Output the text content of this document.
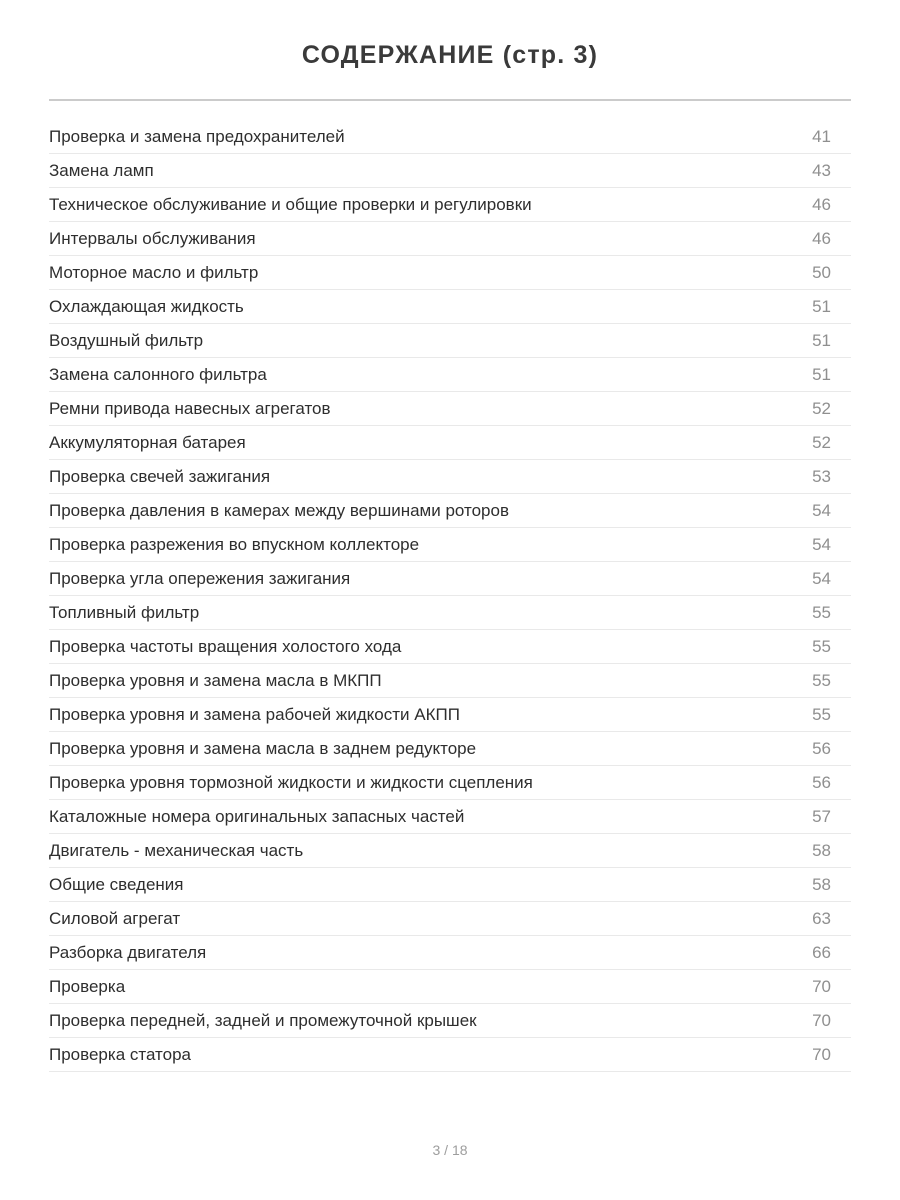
СОДЕРЖАНИЕ (стр. 3)
Проверка и замена предохранителей	41
Замена ламп	43
Техническое обслуживание и общие проверки и регулировки	46
Интервалы обслуживания	46
Моторное масло и фильтр	50
Охлаждающая жидкость	51
Воздушный фильтр	51
Замена салонного фильтра	51
Ремни привода навесных агрегатов	52
Аккумуляторная батарея	52
Проверка свечей зажигания	53
Проверка давления в камерах между вершинами роторов	54
Проверка разрежения во впускном коллекторе	54
Проверка угла опережения зажигания	54
Топливный фильтр	55
Проверка частоты вращения холостого хода	55
Проверка уровня и замена масла в МКПП	55
Проверка уровня и замена рабочей жидкости АКПП	55
Проверка уровня и замена масла в заднем редукторе	56
Проверка уровня тормозной жидкости и жидкости сцепления	56
Каталожные номера оригинальных запасных частей	57
Двигатель - механическая часть	58
Общие сведения	58
Силовой агрегат	63
Разборка двигателя	66
Проверка	70
Проверка передней, задней и промежуточной крышек	70
Проверка статора	70
3 / 18
